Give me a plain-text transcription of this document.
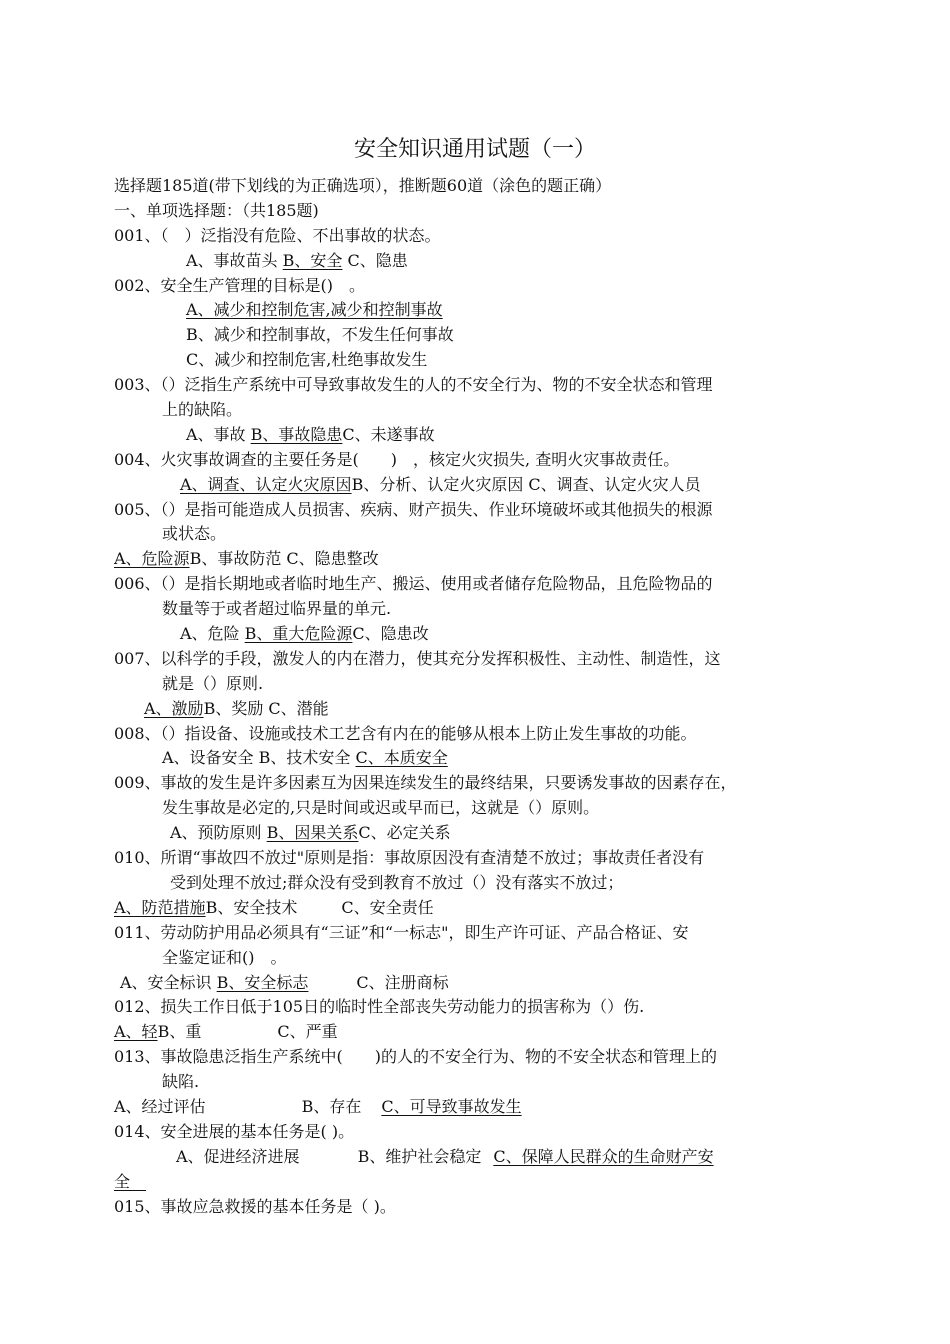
安全知识通用试题（一）
选择题185道(带下划线的为正确选项），推断题60道（涂色的题正确）
一、单项选择题：（共185题)
001、（　）泛指没有危险、不出事故的状态。
A、事故苗头 B、安全 C、隐患
002、安全生产管理的目标是()　。
A、减少和控制危害,减少和控制事故
B、减少和控制事故，不发生任何事故
C、减少和控制危害,杜绝事故发生
003、（）泛指生产系统中可导致事故发生的人的不安全行为、物的不安全状态和管理
上的缺陷。
A、事故 B、事故隐患C、未遂事故
004、火灾事故调查的主要任务是(　　)　，核定火灾损失, 查明火灾事故责任。
A、调查、认定火灾原因B、分析、认定火灾原因 C、调查、认定火灾人员
005、（）是指可能造成人员损害、疾病、财产损失、作业环境破坏或其他损失的根源
或状态。
A、危险源B、事故防范 C、隐患整改
006、（）是指长期地或者临时地生产、搬运、使用或者储存危险物品，且危险物品的
数量等于或者超过临界量的单元.
A、危险 B、重大危险源C、隐患改
007、以科学的手段，激发人的内在潜力，使其充分发挥积极性、主动性、制造性，这
就是（）原则.
A、激励B、奖励 C、潜能
008、（）指设备、设施或技术工艺含有内在的能够从根本上防止发生事故的功能。
A、设备安全 B、技术安全 C、本质安全
009、事故的发生是许多因素互为因果连续发生的最终结果，只要诱发事故的因素存在，
发生事故是必定的,只是时间或迟或早而已，这就是（）原则。
A、预防原则 B、因果关系C、必定关系
010、所谓“事故四不放过"原则是指：事故原因没有查清楚不放过；事故责任者没有
受到处理不放过;群众没有受到教育不放过（）没有落实不放过；
A、防范措施B、安全技术	C、安全责任
011、劳动防护用品必须具有“三证”和“一标志"，即生产许可证、产品合格证、安
全鉴定证和()　。
A、安全标识 B、安全标志	C、注册商标
012、损失工作日低于105日的临时性全部丧失劳动能力的损害称为（）伤.
A、轻B、重	C、严重
013、事故隐患泛指生产系统中(　　)的人的不安全行为、物的不安全状态和管理上的
缺陷.
A、经过评估	B、存在 C、可导致事故发生
014、安全进展的基本任务是( )。
A、促进经济进展	B、维护社会稳定 C、保障人民群众的生命财产安
全　
015、事故应急救援的基本任务是（ )。
